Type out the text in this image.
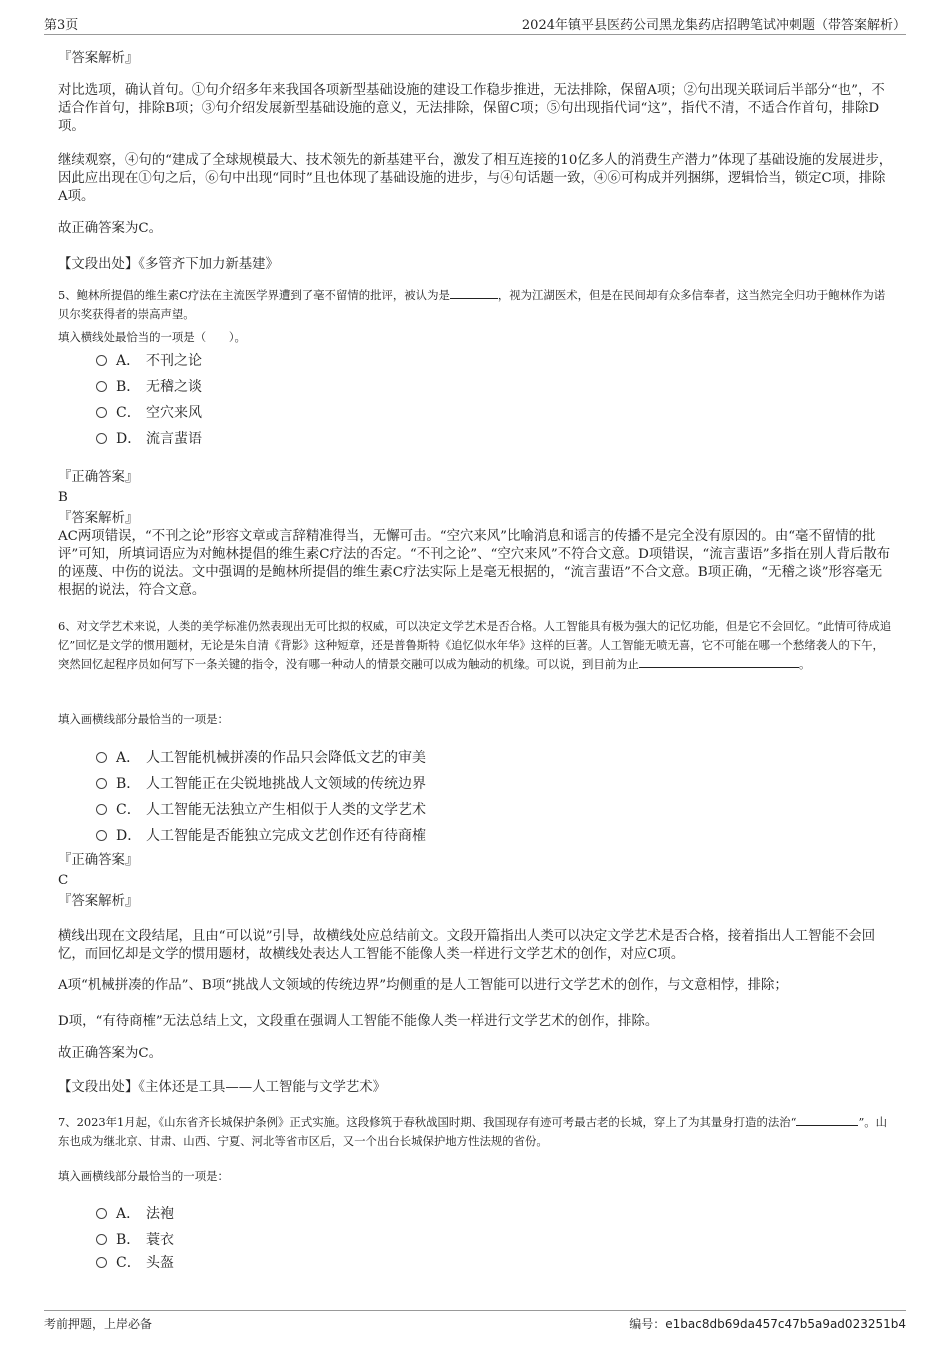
第3页	2024年镇平县医药公司黑龙集药店招聘笔试冲刺题（带答案解析）
『答案解析』
对比选项，确认首句。①句介绍多年来我国各项新型基础设施的建设工作稳步推进，无法排除，保留A项；②句出现关联词后半部分“也”，不适合作首句，排除B项；③句介绍发展新型基础设施的意义，无法排除，保留C项；⑤句出现指代词“这”，指代不清，不适合作首句，排除D项。
继续观察，④句的“建成了全球规模最大、技术领先的新基建平台，激发了相互连接的10亿多人的消费生产潜力”体现了基础设施的发展进步，因此应出现在①句之后，⑥句中出现“同时”且也体现了基础设施的进步，与④句话题一致，④⑥可构成并列捆绑，逻辑恰当，锁定C项，排除A项。
故正确答案为C。
【文段出处】《多管齐下加力新基建》
5、鲍林所提倡的维生素C疗法在主流医学界遭到了毫不留情的批评，被认为是	，视为江湖医术，但是在民间却有众多信奉者，这当然完全归功于鲍林作为诺贝尔奖获得者的崇高声望。
填入横线处最恰当的一项是（　　）。
A． 不刊之论
B． 无稽之谈
C． 空穴来风
D． 流言蜚语
『正确答案』
B
『答案解析』
AC两项错误，“不刊之论”形容文章或言辞精准得当，无懈可击。“空穴来风”比喻消息和谣言的传播不是完全没有原因的。由“毫不留情的批评”可知，所填词语应为对鲍林提倡的维生素C疗法的否定。“不刊之论”、“空穴来风”不符合文意。D项错误，“流言蜚语”多指在别人背后散布的诬蔑、中伤的说法。文中强调的是鲍林所提倡的维生素C疗法实际上是毫无根据的，“流言蜚语”不合文意。B项正确，“无稽之谈”形容毫无根据的说法，符合文意。
6、对文学艺术来说，人类的美学标准仍然表现出无可比拟的权威，可以决定文学艺术是否合格。人工智能具有极为强大的记忆功能，但是它不会回忆。“此情可待成追忆”回忆是文学的惯用题材，无论是朱自清《背影》这种短章，还是普鲁斯特《追忆似水年华》这样的巨著。人工智能无喷无喜，它不可能在哪一个愁绪袭人的下午，突然回忆起程序员如何写下一条关键的指令，没有哪一种动人的情景交融可以成为触动的机缘。可以说，到目前为止	。
填入画横线部分最恰当的一项是：
A． 人工智能机械拼凑的作品只会降低文艺的审美
B． 人工智能正在尖锐地挑战人文领域的传统边界
C． 人工智能无法独立产生相似于人类的文学艺术
D． 人工智能是否能独立完成文艺创作还有待商榷
『正确答案』
C
『答案解析』
横线出现在文段结尾，且由“可以说”引导，故横线处应总结前文。文段开篇指出人类可以决定文学艺术是否合格，接着指出人工智能不会回忆，而回忆却是文学的惯用题材，故横线处表达人工智能不能像人类一样进行文学艺术的创作，对应C项。
A项“机械拼凑的作品”、B项“挑战人文领域的传统边界”均侧重的是人工智能可以进行文学艺术的创作，与文意相悖，排除；
D项，“有待商榷”无法总结上文，文段重在强调人工智能不能像人类一样进行文学艺术的创作，排除。
故正确答案为C。
【文段出处】《主体还是工具——人工智能与文学艺术》
7、2023年1月起，《山东省齐长城保护条例》正式实施。这段修筑于春秋战国时期、我国现存有迹可考最古老的长城，穿上了为其量身打造的法治“	”。山东也成为继北京、甘肃、山西、宁夏、河北等省市区后，又一个出台长城保护地方性法规的省份。
填入画横线部分最恰当的一项是：
A． 法袍
B． 蓑衣
C． 头盔
考前押题，上岸必备	编号：e1bac8db69da457c47b5a9ad023251b4
